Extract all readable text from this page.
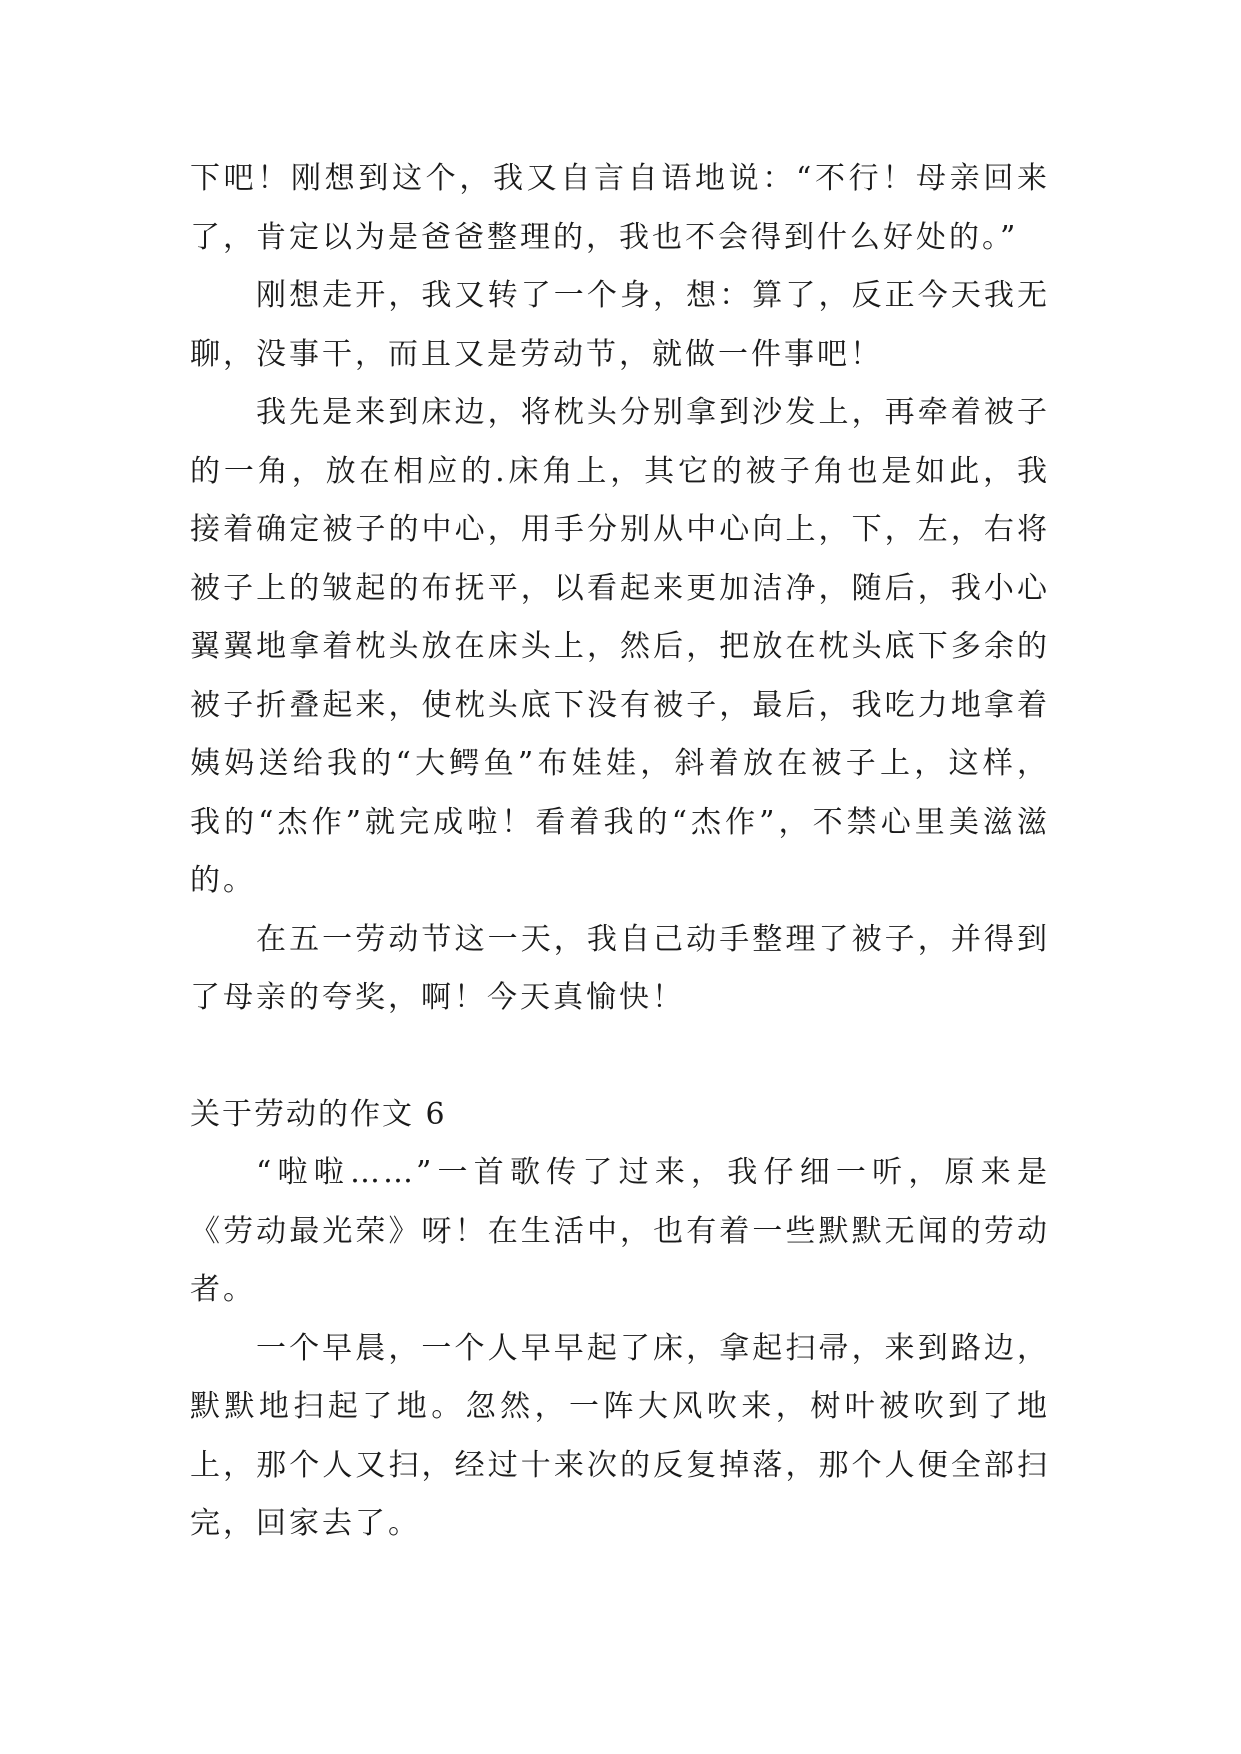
下吧！刚想到这个，我又自言自语地说：“不行！母亲回来了，肯定以为是爸爸整理的，我也不会得到什么好处的。”

刚想走开，我又转了一个身，想：算了，反正今天我无聊，没事干，而且又是劳动节，就做一件事吧！

我先是来到床边，将枕头分别拿到沙发上，再牵着被子的一角，放在相应的.床角上，其它的被子角也是如此，我接着确定被子的中心，用手分别从中心向上，下，左，右将被子上的皱起的布抚平，以看起来更加洁净，随后，我小心翼翼地拿着枕头放在床头上，然后，把放在枕头底下多余的被子折叠起来，使枕头底下没有被子，最后，我吃力地拿着姨妈送给我的“大鳄鱼”布娃娃，斜着放在被子上，这样，我的“杰作”就完成啦！看着我的“杰作”，不禁心里美滋滋的。

在五一劳动节这一天，我自己动手整理了被子，并得到了母亲的夸奖，啊！今天真愉快！

关于劳动的作文 6

“啦啦……”一首歌传了过来，我仔细一听，原来是《劳动最光荣》呀！在生活中，也有着一些默默无闻的劳动者。

一个早晨，一个人早早起了床，拿起扫帚，来到路边，默默地扫起了地。忽然，一阵大风吹来，树叶被吹到了地上，那个人又扫，经过十来次的反复掉落，那个人便全部扫完，回家去了。
